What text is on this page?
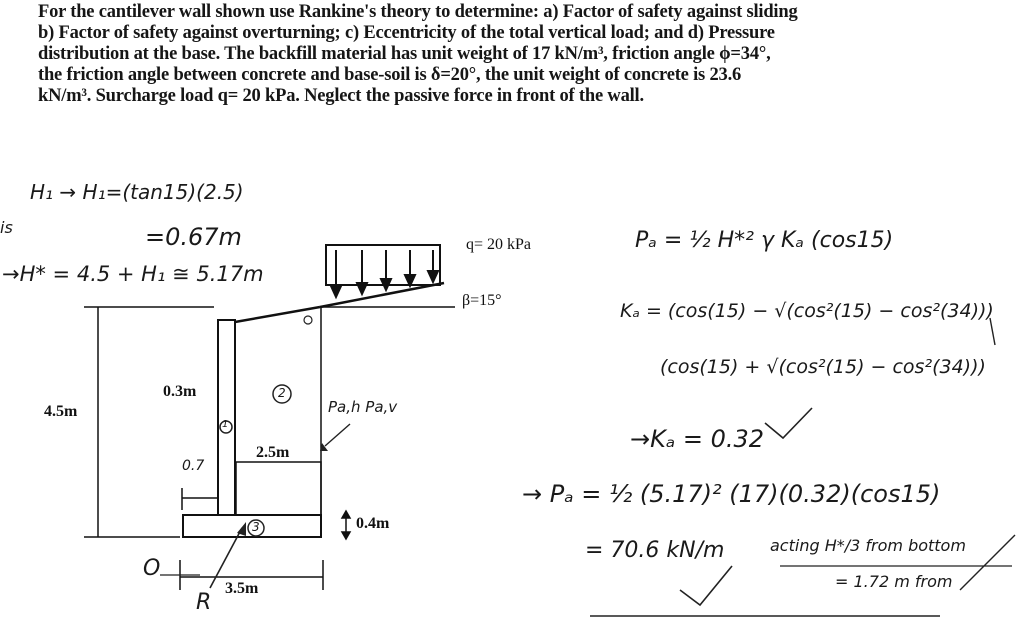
For the cantilever wall shown use Rankine's theory to determine: a) Factor of safety against sliding
b) Factor of safety against overturning; c) Eccentricity of the total vertical load; and d) Pressure
distribution at the base. The backfill material has unit weight of 17 kN/m³, friction angle ϕ=34°,
the friction angle between concrete and base-soil is δ=20°, the unit weight of concrete is 23.6
kN/m³. Surcharge load q= 20 kPa. Neglect the passive force in front of the wall.
q= 20 kPa
β=15°
4.5m
0.3m
2.5m
0.7
0.4m
3.5m
O
R
1
2
3
is
H₁ → H₁=(tan15)(2.5)
=0.67m
→H* = 4.5 + H₁ ≅ 5.17m
Pa,h Pa,v
Pₐ = ½ H*² γ Kₐ (cos15)
Kₐ = (cos(15) − √(cos²(15) − cos²(34)))
(cos(15) + √(cos²(15) − cos²(34)))
→Kₐ = 0.32
→ Pₐ = ½ (5.17)² (17)(0.32)(cos15)
= 70.6 kN/m	acting H*/3 from bottom
= 1.72 m from
